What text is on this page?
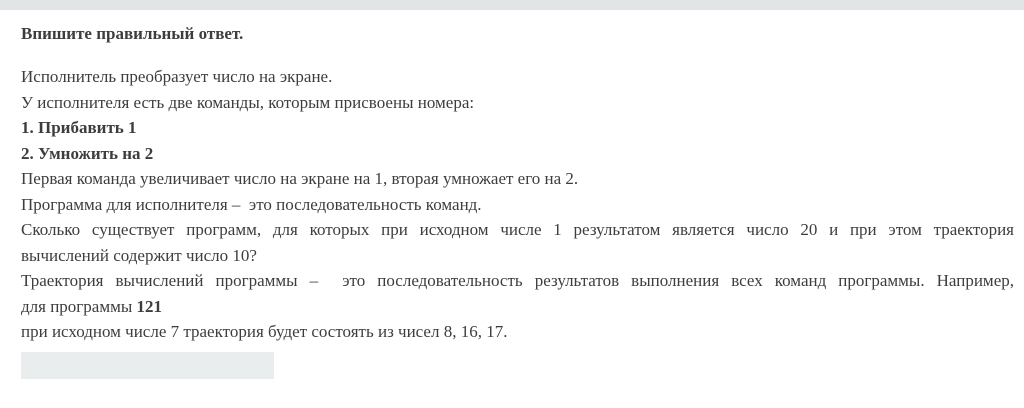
Впишите правильный ответ.
Исполнитель преобразует число на экране.
У исполнителя есть две команды, которым присвоены номера:
1. Прибавить 1
2. Умножить на 2
Первая команда увеличивает число на экране на 1, вторая умножает его на 2.
Программа для исполнителя –  это последовательность команд.
Сколько существует программ, для которых при исходном числе 1 результатом является число 20 и при этом траектория
вычислений содержит число 10?
Траектория вычислений программы –  это последовательность результатов выполнения всех команд программы. Например,
для программы 121
при исходном числе 7 траектория будет состоять из чисел 8, 16, 17.
